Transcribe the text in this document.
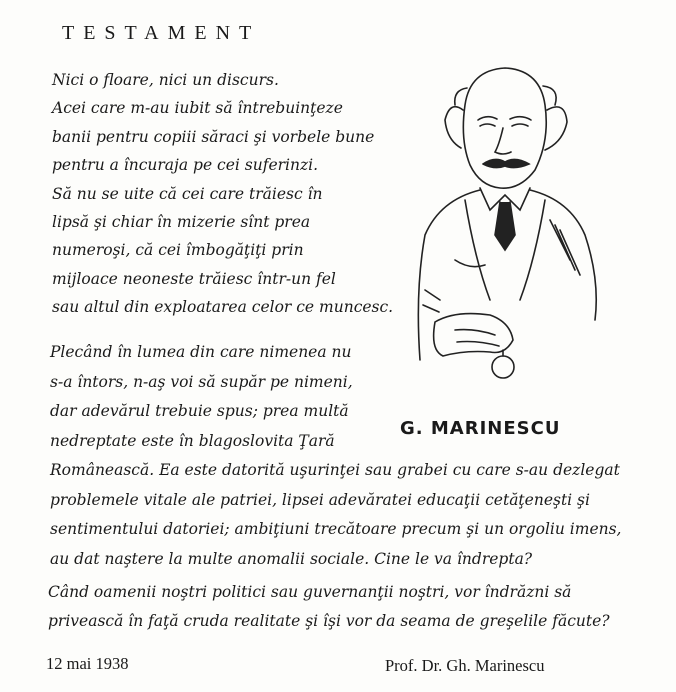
TESTAMENT
Nici o floare, nici un discurs.
Acei care m-au iubit să întrebuinţeze
banii pentru copiii săraci şi vorbele bune
pentru a încuraja pe cei suferinzi.
Să nu se uite că cei care trăiesc în
lipsă şi chiar în mizerie sînt prea
numeroşi, că cei îmbogăţiţi prin
mijloace neoneste trăiesc într-un fel
sau altul din exploatarea celor ce muncesc.
G. MARINESCU
Plecând în lumea din care nimenea nu
s-a întors, n-aş voi să supăr pe nimeni,
dar adevărul trebuie spus; prea multă
nedreptate este în blagoslovita Ţară
Românească. Ea este datorită uşurinţei sau grabei cu care s-au dezlegat
problemele vitale ale patriei, lipsei adevăratei educaţii cetăţeneşti şi
sentimentului datoriei; ambiţiuni trecătoare precum şi un orgoliu imens,
au dat naştere la multe anomalii sociale. Cine le va îndrepta?
Când oamenii noştri politici sau guvernanţii noştri, vor îndrăzni să
privească în faţă cruda realitate şi îşi vor da seama de greşelile făcute?
12 mai 1938	Prof. Dr. Gh. Marinescu
